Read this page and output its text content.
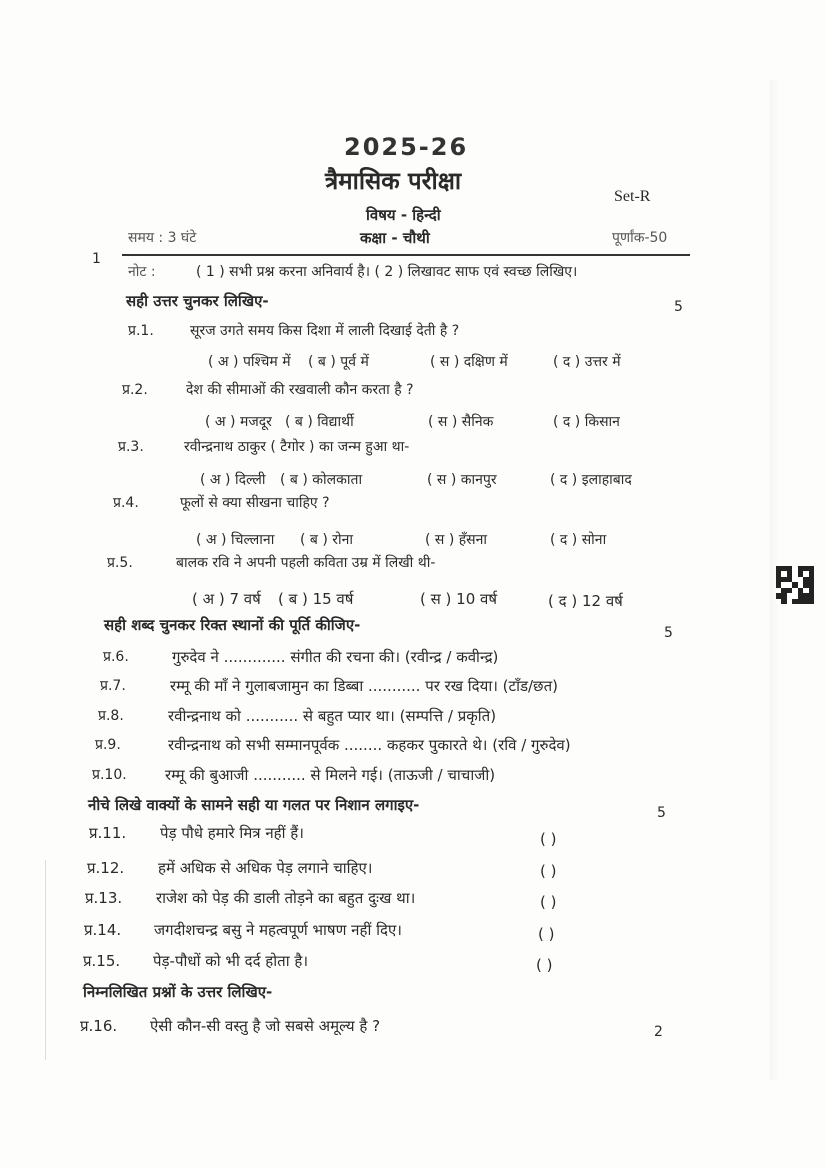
2025-26
त्रैमासिक परीक्षा
Set-R
विषय - हिन्दी
समय : 3 घंटे	कक्षा - चौथी	पूर्णांक-50
1
नोट :	( 1 ) सभी प्रश्न करना अनिवार्य है। ( 2 ) लिखावट साफ एवं स्वच्छ लिखिए।
सही उत्तर चुनकर लिखिए-	5
प्र.1.	सूरज उगते समय किस दिशा में लाली दिखाई देती है ?
( अ ) पश्चिम में ( ब ) पूर्व में	( स ) दक्षिण में	( द ) उत्तर में
प्र.2.	देश की सीमाओं की रखवाली कौन करता है ?
( अ ) मजदूर ( ब ) विद्यार्थी	( स ) सैनिक	( द ) किसान
प्र.3.	रवीन्द्रनाथ ठाकुर ( टैगोर ) का जन्म हुआ था-
( अ ) दिल्ली ( ब ) कोलकाता	( स ) कानपुर	( द ) इलाहाबाद
प्र.4.	फूलों से क्या सीखना चाहिए ?
( अ ) चिल्लाना ( ब ) रोना	( स ) हँसना	( द ) सोना
प्र.5.	बालक रवि ने अपनी पहली कविता उम्र में लिखी थी-
( अ ) 7 वर्ष ( ब ) 15 वर्ष	( स ) 10 वर्ष	( द ) 12 वर्ष
सही शब्द चुनकर रिक्त स्थानों की पूर्ति कीजिए-	5
प्र.6.	गुरुदेव ने ............. संगीत की रचना की। (रवीन्द्र / कवीन्द्र)
प्र.7.	रम्मू की माँ ने गुलाबजामुन का डिब्बा ........... पर रख दिया। (टाँड/छत)
प्र.8.	रवीन्द्रनाथ को ........... से बहुत प्यार था। (सम्पत्ति / प्रकृति)
प्र.9.	रवीन्द्रनाथ को सभी सम्मानपूर्वक ........ कहकर पुकारते थे। (रवि / गुरुदेव)
प्र.10.	रम्मू की बुआजी ........... से मिलने गई। (ताऊजी / चाचाजी)
नीचे लिखे वाक्यों के सामने सही या गलत पर निशान लगाइए-	5
प्र.11. पेड़ पौधे हमारे मित्र नहीं हैं।	( )
प्र.12. हमें अधिक से अधिक पेड़ लगाने चाहिए।	( )
प्र.13. राजेश को पेड़ की डाली तोड़ने का बहुत दुःख था।	( )
प्र.14. जगदीशचन्द्र बसु ने महत्वपूर्ण भाषण नहीं दिए।	( )
प्र.15. पेड़-पौधों को भी दर्द होता है।	( )
निम्नलिखित प्रश्नों के उत्तर लिखिए-
प्र.16. ऐसी कौन-सी वस्तु है जो सबसे अमूल्य है ?	2
